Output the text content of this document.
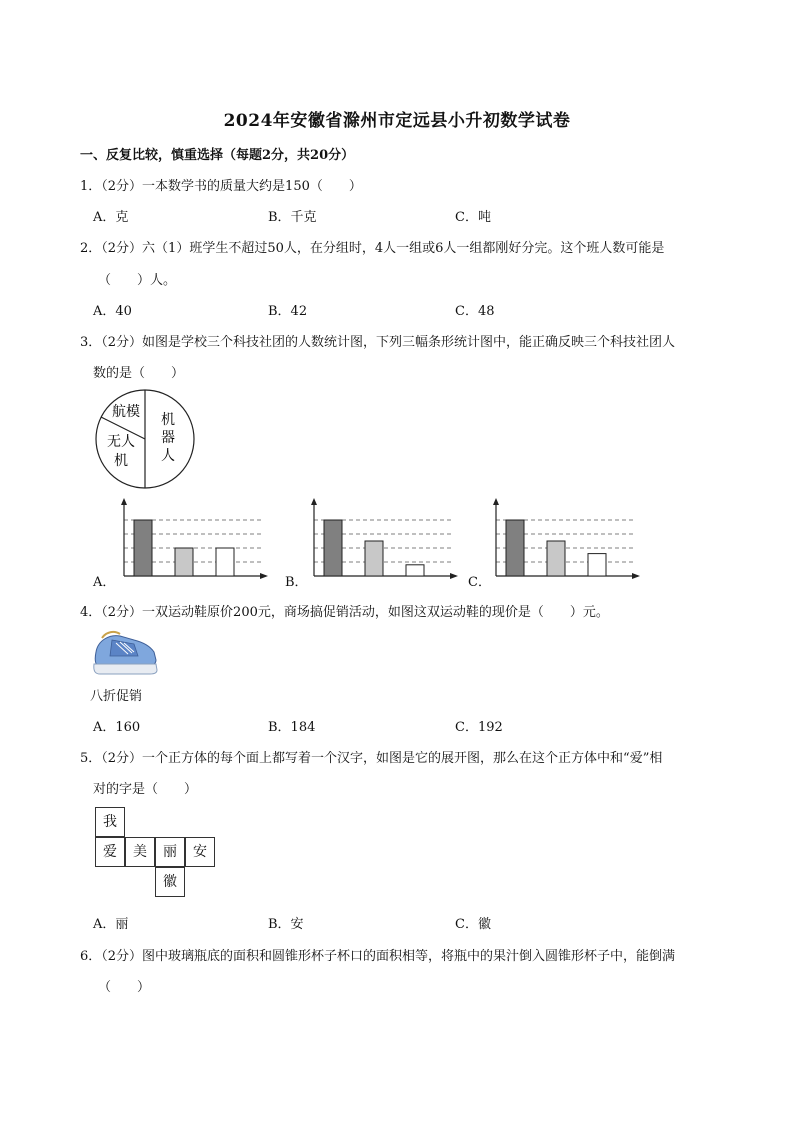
2024年安徽省滁州市定远县小升初数学试卷
一、反复比较，慎重选择（每题2分，共20分）
1．（2分）一本数学书的质量大约是150（　　）
A．克	B．千克	C．吨
2．（2分）六（1）班学生不超过50人，在分组时，4人一组或6人一组都刚好分完。这个班人数可能是
（　　）人。
A．40	B．42	C．48
3．（2分）如图是学校三个科技社团的人数统计图，下列三幅条形统计图中，能正确反映三个科技社团人
数的是（　　）
航模
无人
机
机
器
人
A．	B．	C．
4．（2分）一双运动鞋原价200元，商场搞促销活动，如图这双运动鞋的现价是（　　）元。
八折促销
A．160	B．184	C．192
5．（2分）一个正方体的每个面上都写着一个汉字，如图是它的展开图，那么在这个正方体中和“爱”相
对的字是（　　）
我
爱	美	丽	安
徽
A．丽	B．安	C．徽
6．（2分）图中玻璃瓶底的面积和圆锥形杯子杯口的面积相等，将瓶中的果汁倒入圆锥形杯子中，能倒满
（　　）
